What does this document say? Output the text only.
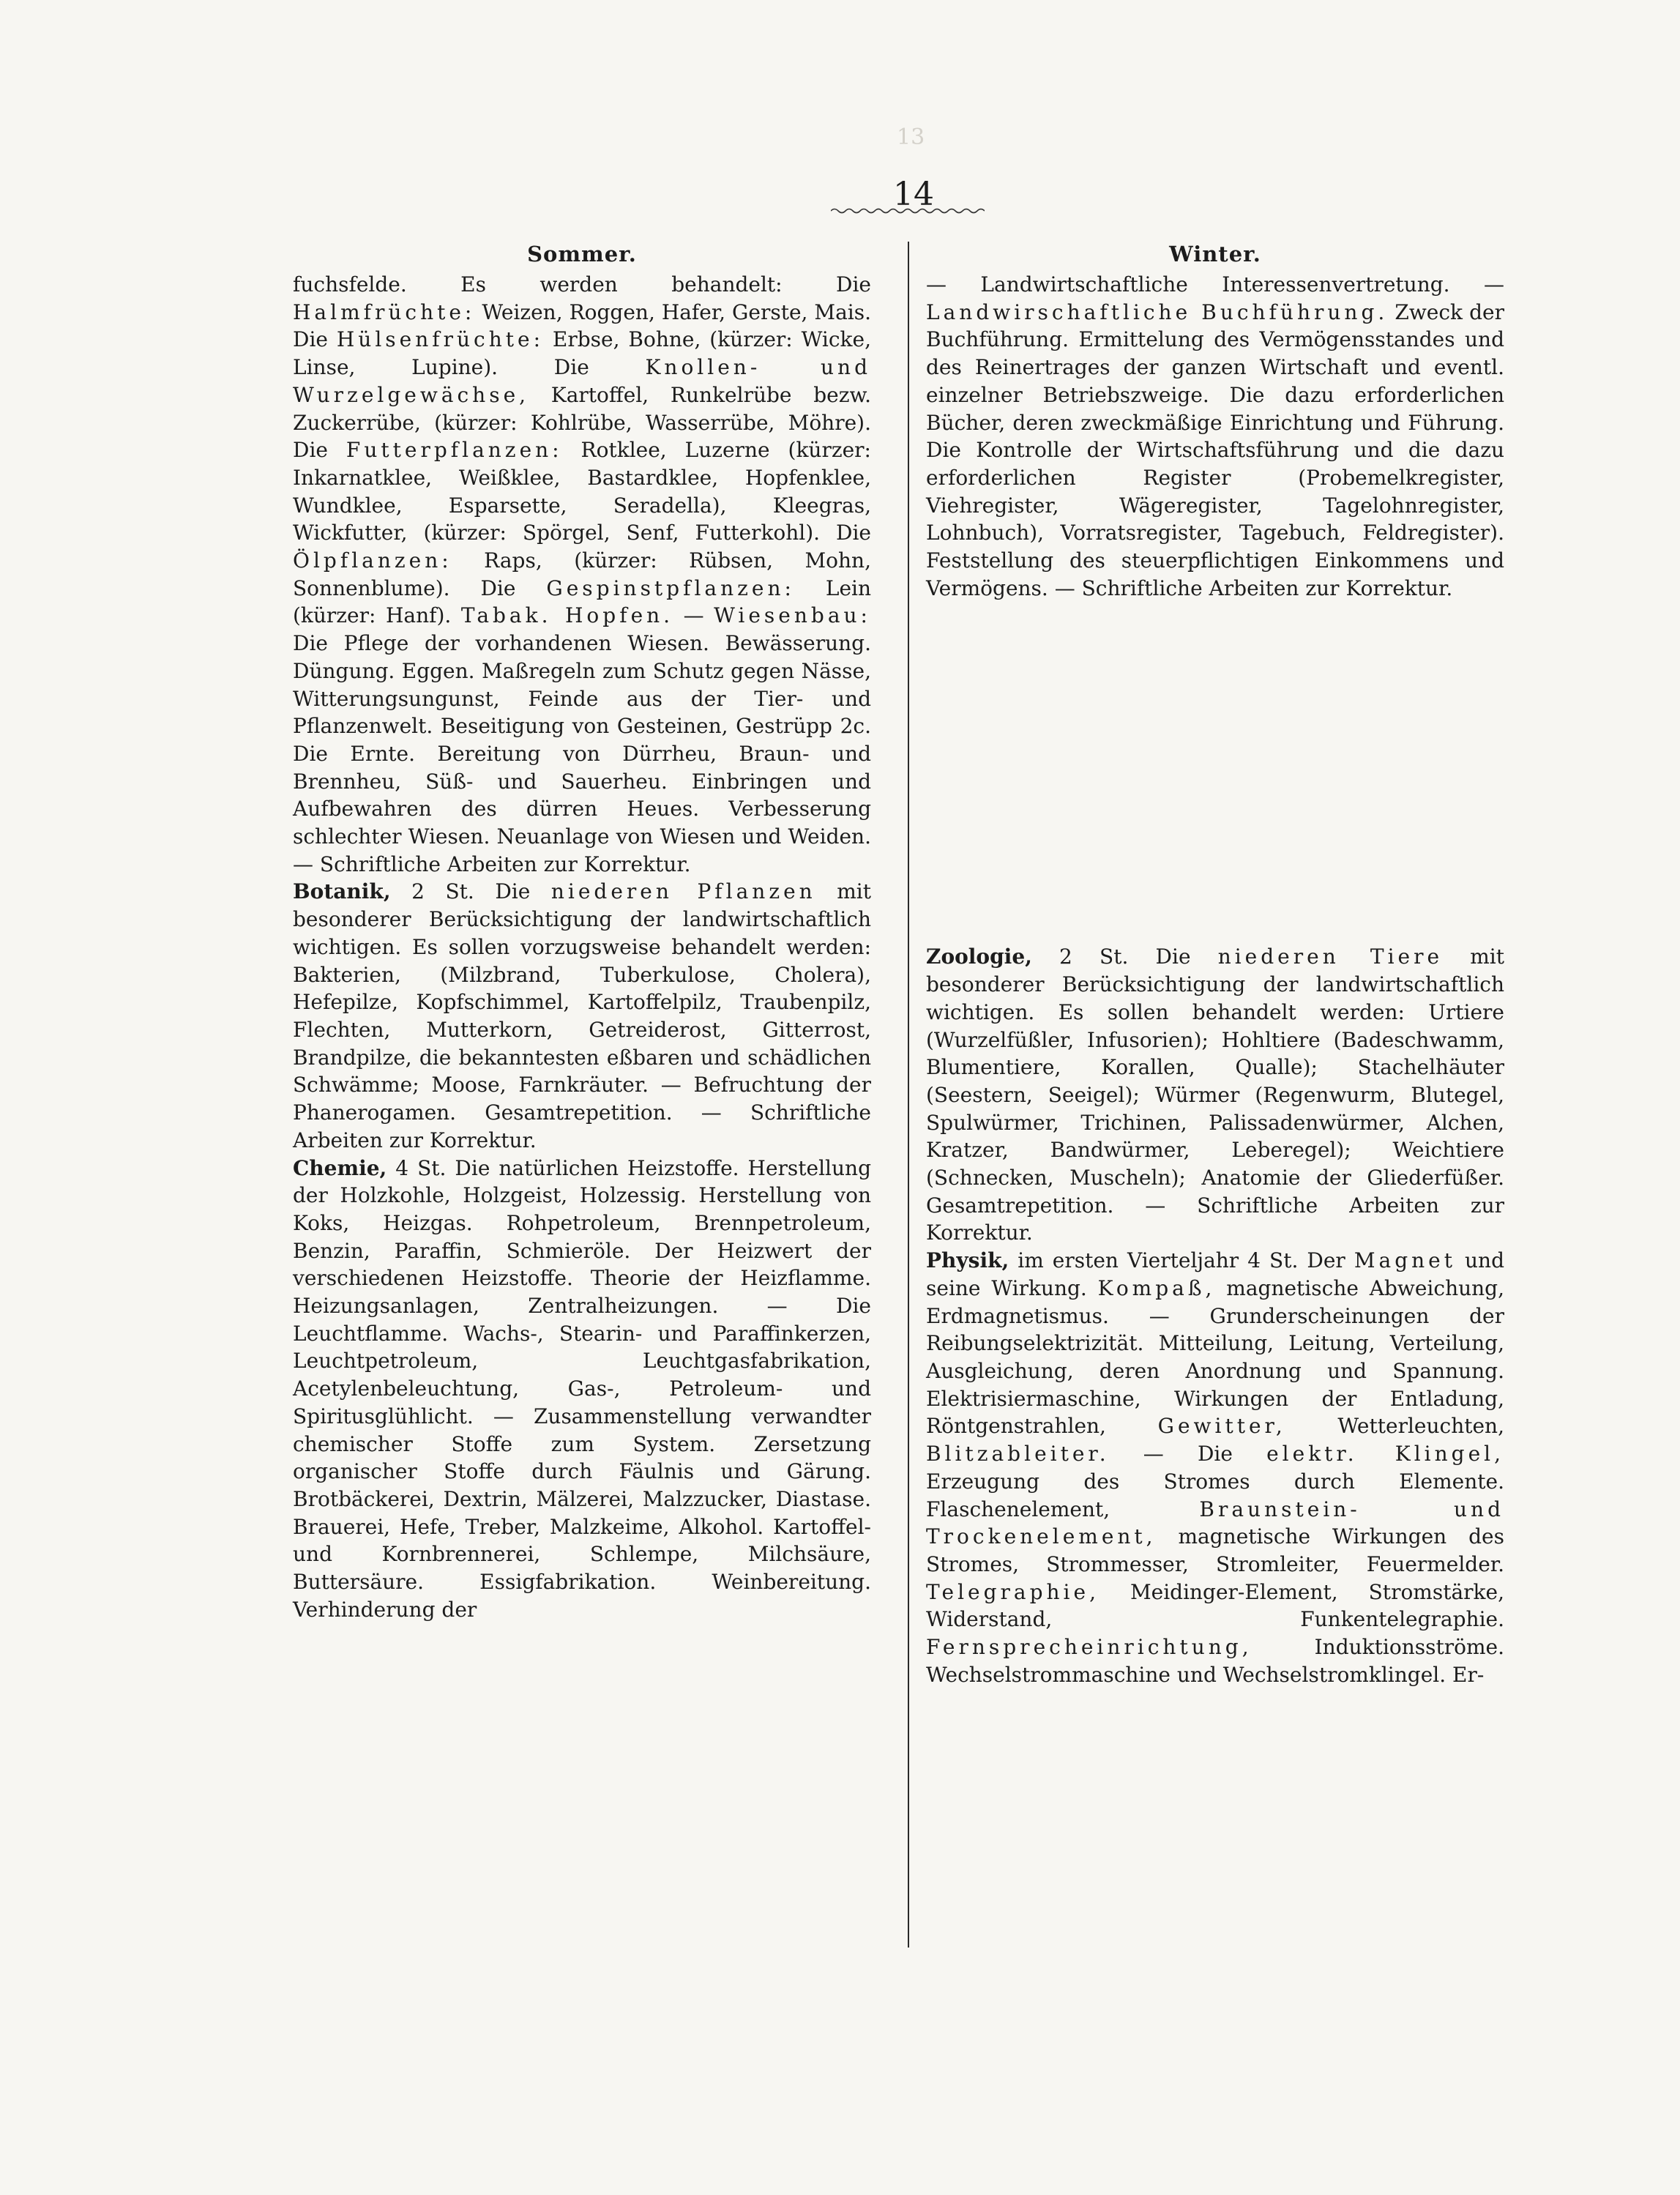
13
14
Sommer.

fuchsfelde. Es werden behandelt: Die Halmfrüchte: Weizen, Roggen, Hafer, Gerste, Mais. Die Hülsenfrüchte: Erbse, Bohne, (kürzer: Wicke, Linse, Lupine). Die Knollen- und Wurzelgewächse, Kartoffel, Runkelrübe bezw. Zuckerrübe, (kürzer: Kohlrübe, Wasserrübe, Möhre). Die Futterpflanzen: Rotklee, Luzerne (kürzer: Inkarnatklee, Weißklee, Bastardklee, Hopfenklee, Wundklee, Esparsette, Seradella), Kleegras, Wickfutter, (kürzer: Spörgel, Senf, Futterkohl). Die Ölpflanzen: Raps, (kürzer: Rübsen, Mohn, Sonnenblume). Die Gespinstpflanzen: Lein (kürzer: Hanf). Tabak. Hopfen. — Wiesenbau: Die Pflege der vorhandenen Wiesen. Bewässerung. Düngung. Eggen. Maßregeln zum Schutz gegen Nässe, Witterungsungunst, Feinde aus der Tier- und Pflanzenwelt. Beseitigung von Gesteinen, Gestrüpp 2c. Die Ernte. Bereitung von Dürrheu, Braun- und Brennheu, Süß- und Sauerheu. Einbringen und Aufbewahren des dürren Heues. Verbesserung schlechter Wiesen. Neuanlage von Wiesen und Weiden. — Schriftliche Arbeiten zur Korrektur.

Botanik, 2 St. Die niederen Pflanzen mit besonderer Berücksichtigung der landwirtschaftlich wichtigen. Es sollen vorzugsweise behandelt werden: Bakterien, (Milzbrand, Tuberkulose, Cholera), Hefepilze, Kopfschimmel, Kartoffelpilz, Traubenpilz, Flechten, Mutterkorn, Getreiderost, Gitterrost, Brandpilze, die bekanntesten eßbaren und schädlichen Schwämme; Moose, Farnkräuter. — Befruchtung der Phanerogamen. Gesamtrepetition. — Schriftliche Arbeiten zur Korrektur.

Chemie, 4 St. Die natürlichen Heizstoffe. Herstellung der Holzkohle, Holzgeist, Holzessig. Herstellung von Koks, Heizgas. Rohpetroleum, Brennpetroleum, Benzin, Paraffin, Schmieröle. Der Heizwert der verschiedenen Heizstoffe. Theorie der Heizflamme. Heizungsanlagen, Zentralheizungen. — Die Leuchtflamme. Wachs-, Stearin- und Paraffinkerzen, Leuchtpetroleum, Leuchtgasfabrikation, Acetylenbeleuchtung, Gas-, Petroleum- und Spiritusglühlicht. — Zusammenstellung verwandter chemischer Stoffe zum System. Zersetzung organischer Stoffe durch Fäulnis und Gärung. Brotbäckerei, Dextrin, Mälzerei, Malzzucker, Diastase. Brauerei, Hefe, Treber, Malzkeime, Alkohol. Kartoffel- und Kornbrennerei, Schlempe, Milchsäure, Buttersäure. Essigfabrikation. Weinbereitung. Verhinderung der

Winter.

— Landwirtschaftliche Interessenvertretung. — Landwirschaftliche Buchführung. Zweck der Buchführung. Ermittelung des Vermögensstandes und des Reinertrages der ganzen Wirtschaft und eventl. einzelner Betriebszweige. Die dazu erforderlichen Bücher, deren zweckmäßige Einrichtung und Führung. Die Kontrolle der Wirtschaftsführung und die dazu erforderlichen Register (Probemelkregister, Viehregister, Wägeregister, Tagelohnregister, Lohnbuch), Vorratsregister, Tagebuch, Feldregister). Feststellung des steuerpflichtigen Einkommens und Vermögens. — Schriftliche Arbeiten zur Korrektur.

Zoologie, 2 St. Die niederen Tiere mit besonderer Berücksichtigung der landwirtschaftlich wichtigen. Es sollen behandelt werden: Urtiere (Wurzelfüßler, Infusorien); Hohltiere (Badeschwamm, Blumentiere, Korallen, Qualle); Stachelhäuter (Seestern, Seeigel); Würmer (Regenwurm, Blutegel, Spulwürmer, Trichinen, Palissadenwürmer, Alchen, Kratzer, Bandwürmer, Leberegel); Weichtiere (Schnecken, Muscheln); Anatomie der Gliederfüßer. Gesamtrepetition. — Schriftliche Arbeiten zur Korrektur.

Physik, im ersten Vierteljahr 4 St. Der Magnet und seine Wirkung. Kompaß, magnetische Abweichung, Erdmagnetismus. — Grunderscheinungen der Reibungselektrizität. Mitteilung, Leitung, Verteilung, Ausgleichung, deren Anordnung und Spannung. Elektrisiermaschine, Wirkungen der Entladung, Röntgenstrahlen, Gewitter, Wetterleuchten, Blitzableiter. — Die elektr. Klingel, Erzeugung des Stromes durch Elemente. Flaschenelement, Braunstein- und Trockenelement, magnetische Wirkungen des Stromes, Strommesser, Stromleiter, Feuermelder. Telegraphie, Meidinger-Element, Stromstärke, Widerstand, Funkentelegraphie. Fernsprecheinrichtung, Induktionsströme. Wechselstrommaschine und Wechselstromklingel. Er-
